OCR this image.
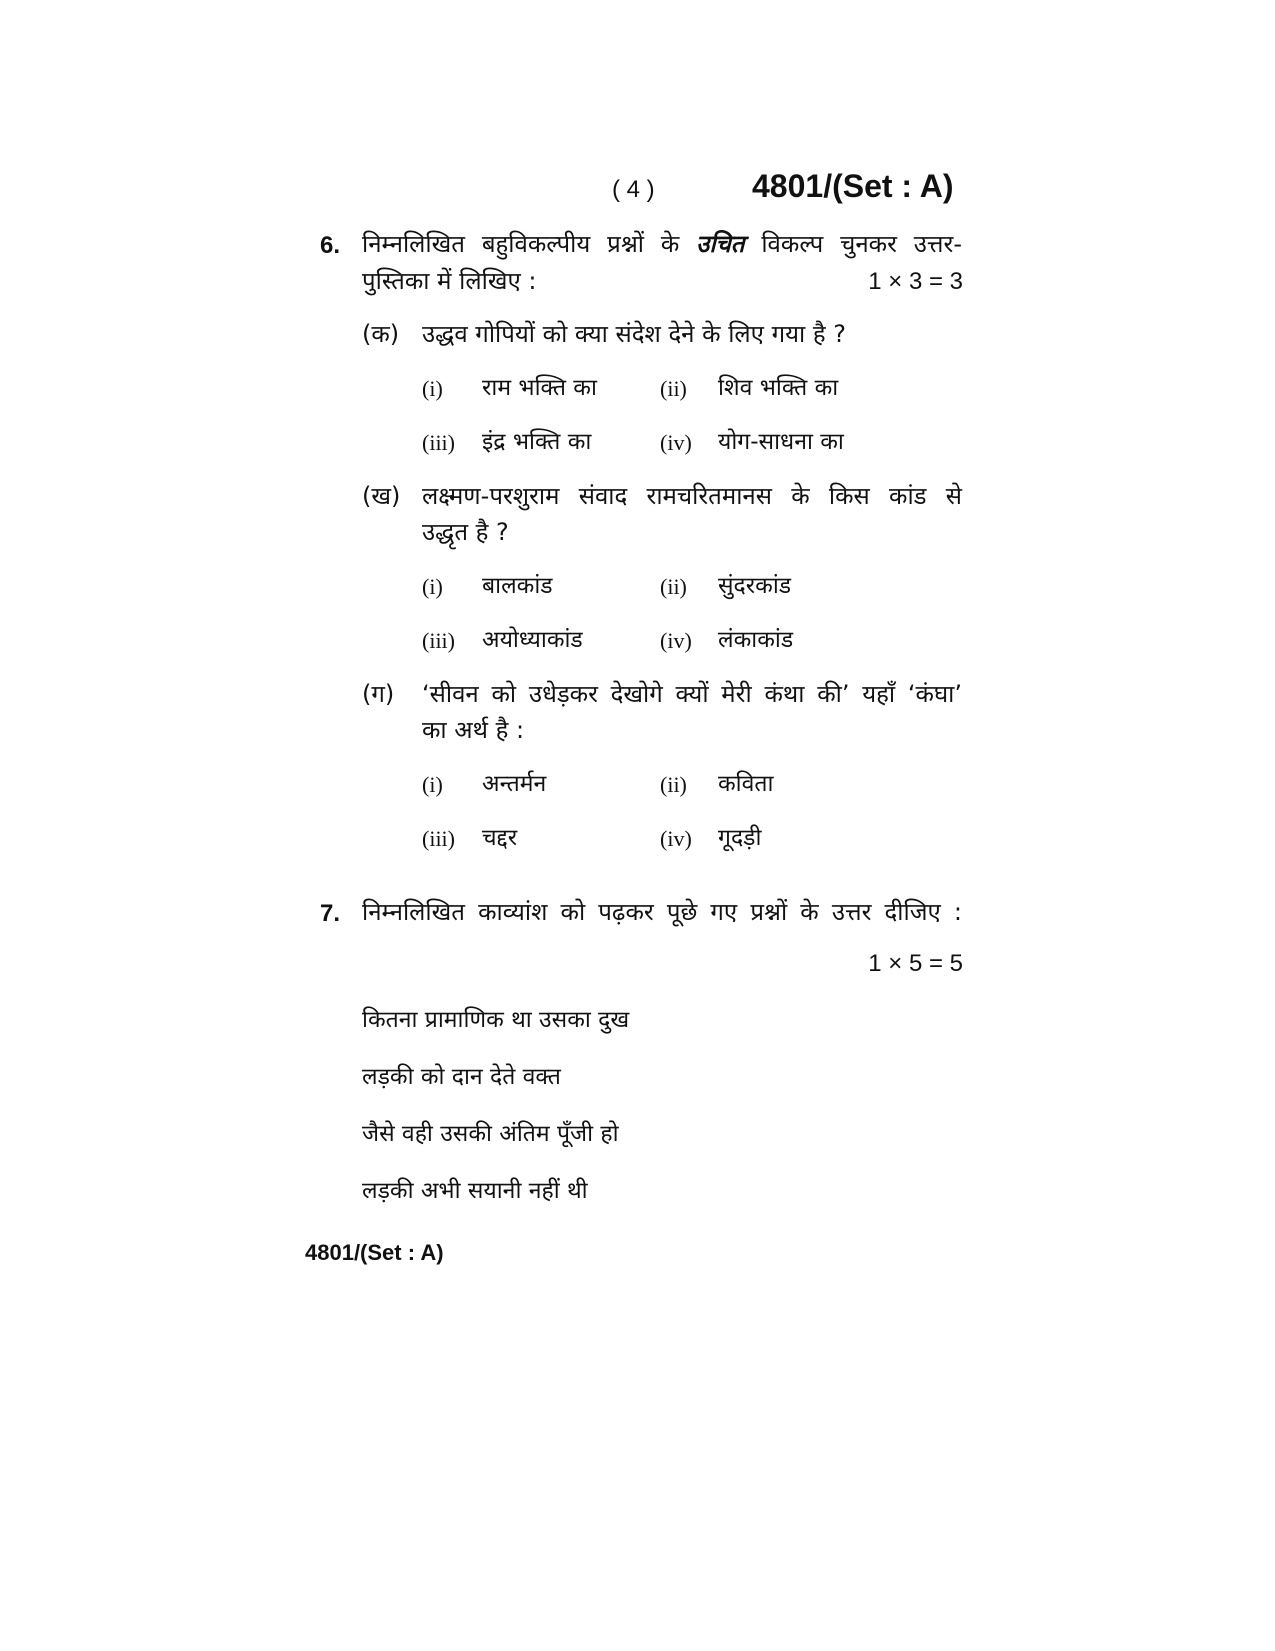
( 4 )	4801/(Set : A)
6. निम्नलिखित बहुविकल्पीय प्रश्नों के उचित विकल्प चुनकर उत्तर-
पुस्तिका में लिखिए :	1 × 3 = 3
(क) उद्धव गोपियों को क्या संदेश देने के लिए गया है ?
(i) राम भक्ति का	(ii) शिव भक्ति का
(iii) इंद्र भक्ति का	(iv) योग-साधना का
(ख) लक्ष्मण-परशुराम संवाद रामचरितमानस के किस कांड से
उद्धृत है ?
(i) बालकांड	(ii) सुंदरकांड
(iii) अयोध्याकांड	(iv) लंकाकांड
(ग) ‘सीवन को उधेड़कर देखोगे क्यों मेरी कंथा की’ यहाँ ‘कंघा’
का अर्थ है :
(i) अन्तर्मन	(ii) कविता
(iii) चद्दर	(iv) गूदड़ी
7. निम्नलिखित काव्यांश को पढ़कर पूछे गए प्रश्नों के उत्तर दीजिए :
1 × 5 = 5
कितना प्रामाणिक था उसका दुख
लड़की को दान देते वक्त
जैसे वही उसकी अंतिम पूँजी हो
लड़की अभी सयानी नहीं थी
4801/(Set : A)
